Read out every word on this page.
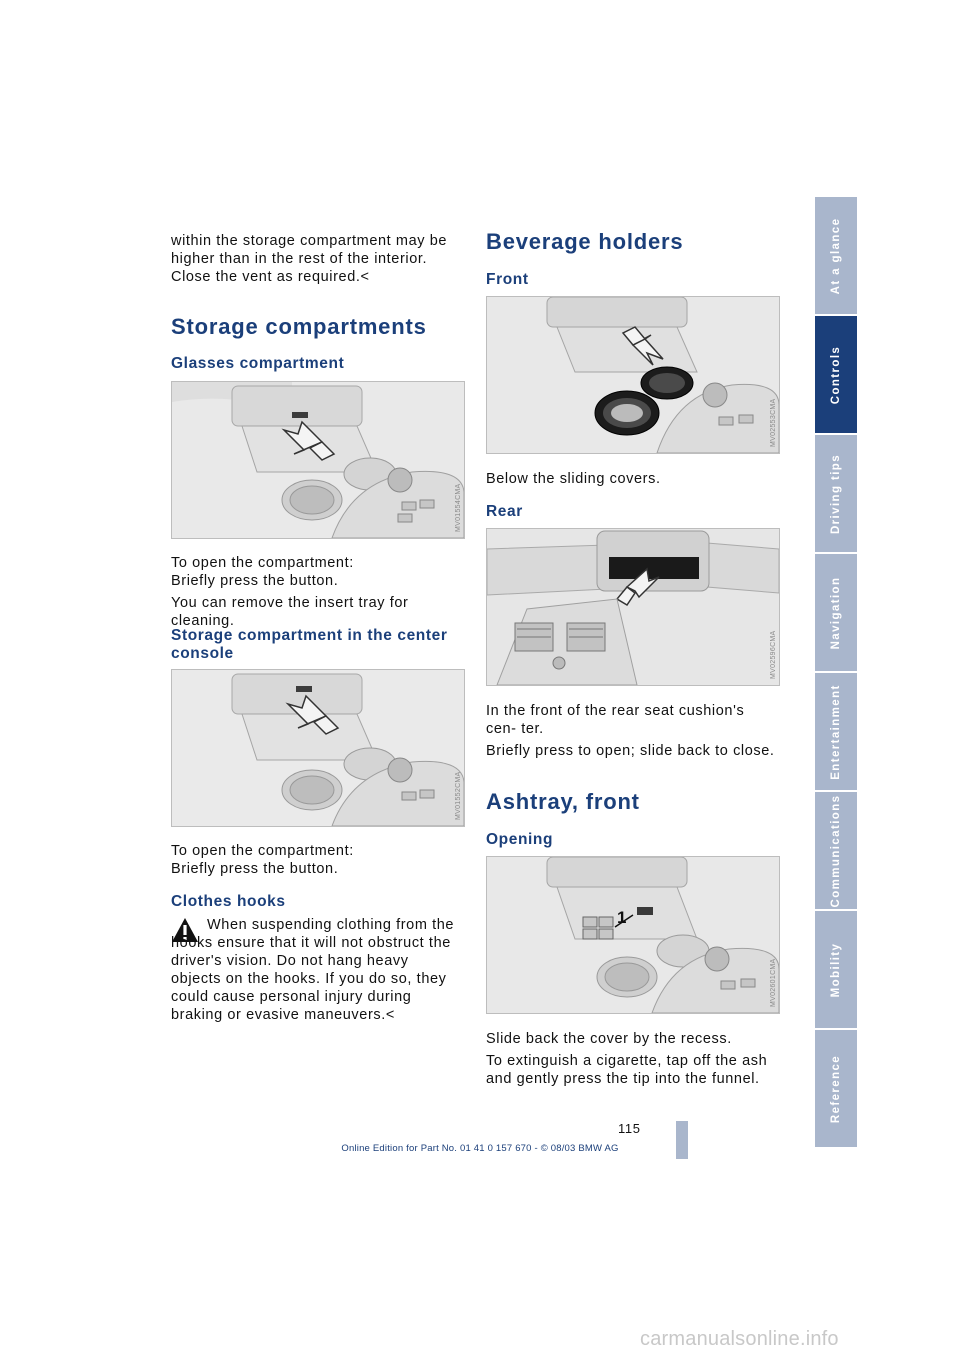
within the storage compartment may be higher than in the rest of the interior. Close the vent as required.<
Storage compartments
Glasses compartment
MV01554CMA
To open the compartment:
Briefly press the button.
You can remove the insert tray for cleaning.
Storage compartment in the center console
MV01552CMA
To open the compartment:
Briefly press the button.
Clothes hooks
When suspending clothing from the hooks ensure that it will not obstruct the driver's vision. Do not hang heavy objects on the hooks. If you do so, they could cause personal injury during braking or evasive maneuvers.<
Beverage holders
Front
MV02553CMA
Below the sliding covers.
Rear
MV02596CMA
In the front of the rear seat cushion's cen- ter.
Briefly press to open; slide back to close.
Ashtray, front
Opening
1
MV02601CMA
Slide back the cover by the recess.
To extinguish a cigarette, tap off the ash and gently press the tip into the funnel.
At a glance
Controls
Driving tips
Navigation
Entertainment
Communications
Mobility
Reference
115
Online Edition for Part No. 01 41 0 157 670 - © 08/03 BMW AG
carmanualsonline.info
